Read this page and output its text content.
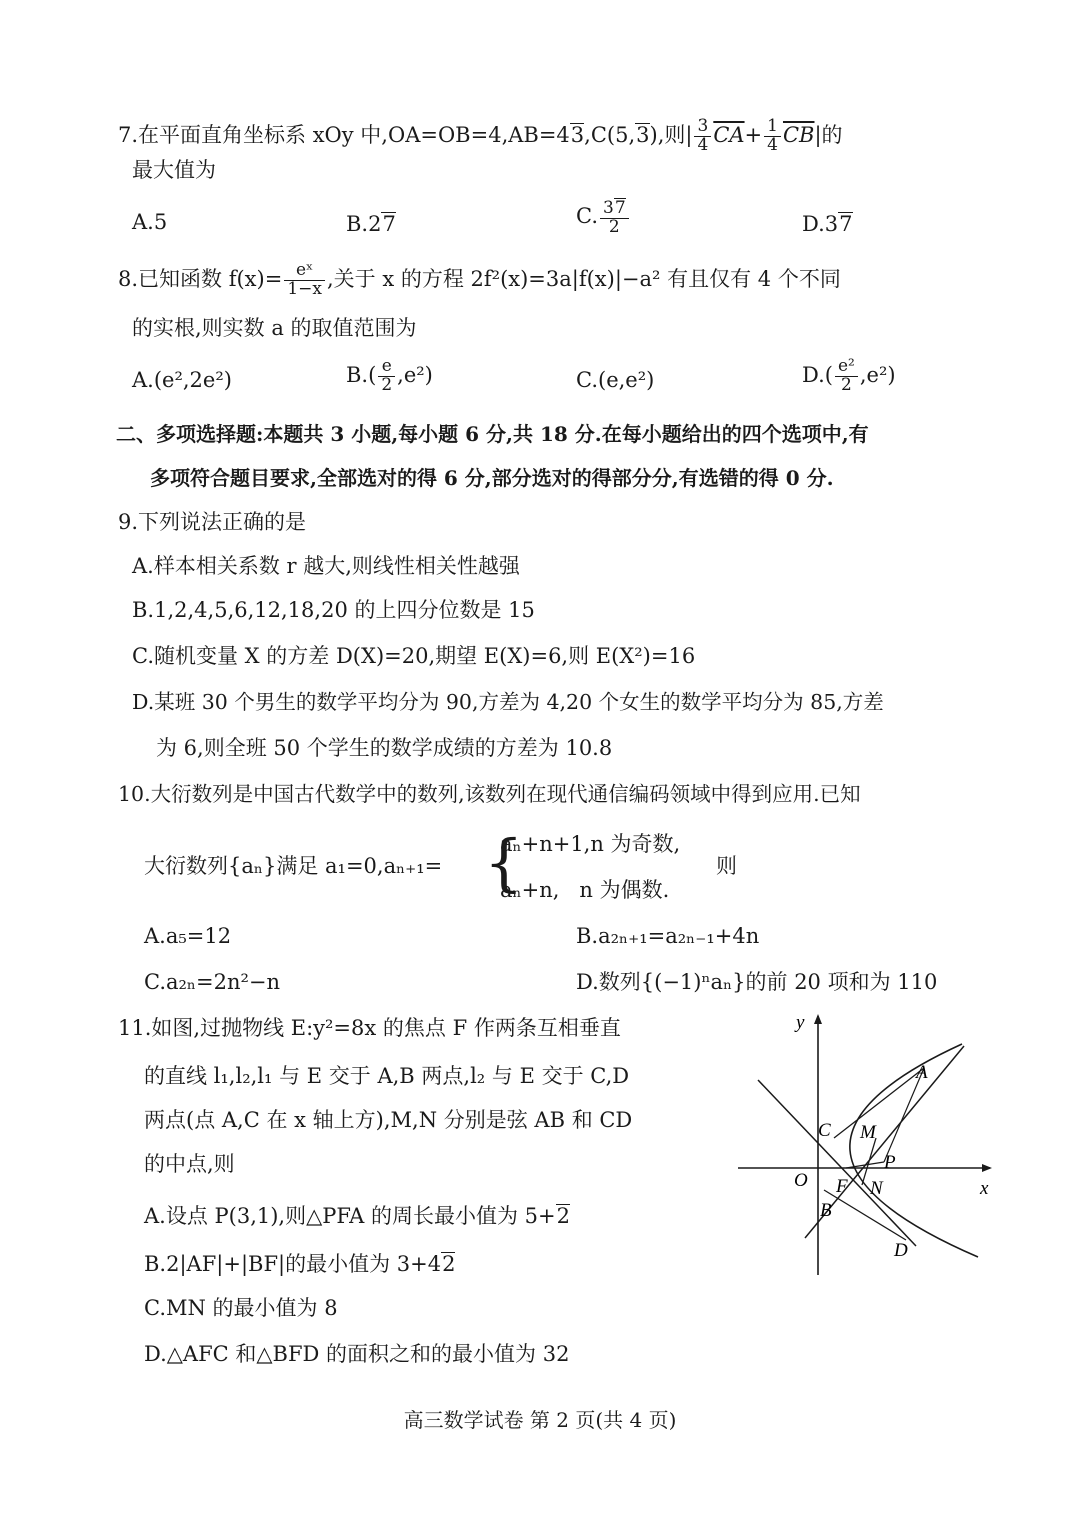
7.在平面直角坐标系 xOy 中,OA=OB=4,AB=43,C(5,3),则| $\frac{3}{4} \overline{CA}+ \frac{1}{4} \overline{CB}|$的
最大值为
A.5	B.27	C. $\frac{37}{2}$	D.37
8.已知函数 $f(x)= \frac{\text{eˣ}}{1-x}$ ,关于 x 的方程 2f²(x)=3a|f(x)|−a² 有且仅有 4 个不同
的实根,则实数 a 的取值范围为
A.(e²,2e²)	$B.( \frac{e}{2} ,e^2)$	C.(e,e²)	$D.( \frac{\text{e²}}{2} ,e^2)$
二、多项选择题:本题共 3 小题,每小题 6 分,共 18 分.在每小题给出的四个选项中,有
多项符合题目要求,全部选对的得 6 分,部分选对的得部分分,有选错的得 0 分.
9.下列说法正确的是
A.样本相关系数 r 越大,则线性相关性越强
B.1,2,4,5,6,12,18,20 的上四分位数是 15
C.随机变量 X 的方差 D(X)=20,期望 E(X)=6,则 E(X²)=16
D.某班 30 个男生的数学平均分为 90,方差为 4,20 个女生的数学平均分为 85,方差
为 6,则全班 50 个学生的数学成绩的方差为 10.8
10.大衍数列是中国古代数学中的数列,该数列在现代通信编码领域中得到应用.已知
大衍数列{aₙ}满足 a₁=0,aₙ₊₁= {
aₙ+n+1,n 为奇数,
aₙ+n,   n 为偶数.
则
A.a₅=12	B.a₂ₙ₊₁=a₂ₙ₋₁+4n
C.a₂ₙ=2n²−n	D.数列{(−1)ⁿaₙ}的前 20 项和为 110
11.如图,过抛物线 E:y²=8x 的焦点 F 作两条互相垂直
的直线 l₁,l₂,l₁ 与 E 交于 A,B 两点,l₂ 与 E 交于 C,D
两点(点 A,C 在 x 轴上方),M,N 分别是弦 AB 和 CD
的中点,则
A.设点 P(3,1),则△PFA 的周长最小值为 5+2
B.2|AF|+|BF|的最小值为 3+42
C.MN 的最小值为 8
D.△AFC 和△BFD 的面积之和的最小值为 32
y
x
O
A
B
C
D
M
N
P
F
高三数学试卷 第 2 页(共 4 页)
